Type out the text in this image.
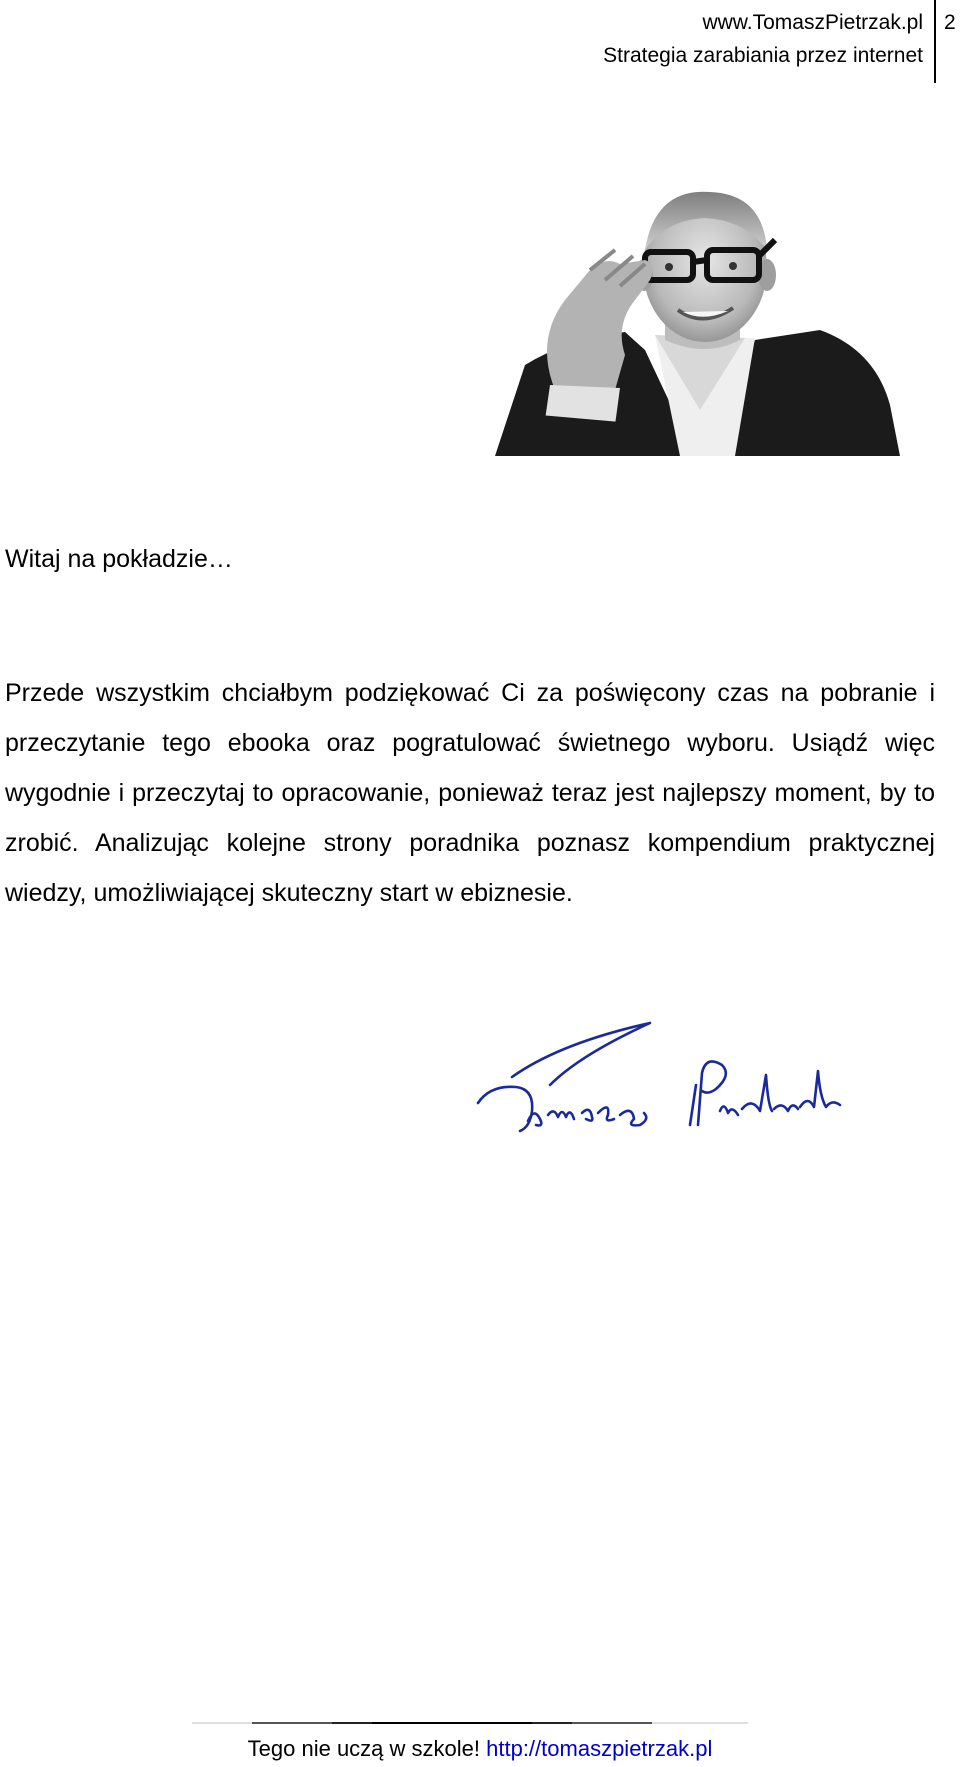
www.TomaszPietrzak.pl
Strategia zarabiania przez internet
2
Witaj na pokładzie…

Przede wszystkim chciałbym podziękować Ci za poświęcony czas na pobranie i przeczytanie tego ebooka oraz pogratulować świetnego wyboru. Usiądź więc wygodnie i przeczytaj to opracowanie, ponieważ teraz jest najlepszy moment, by to zrobić. Analizując kolejne strony poradnika poznasz kompendium praktycznej wiedzy, umożliwiającej skuteczny start w ebiznesie.

Tego nie uczą w szkole! http://tomaszpietrzak.pl
